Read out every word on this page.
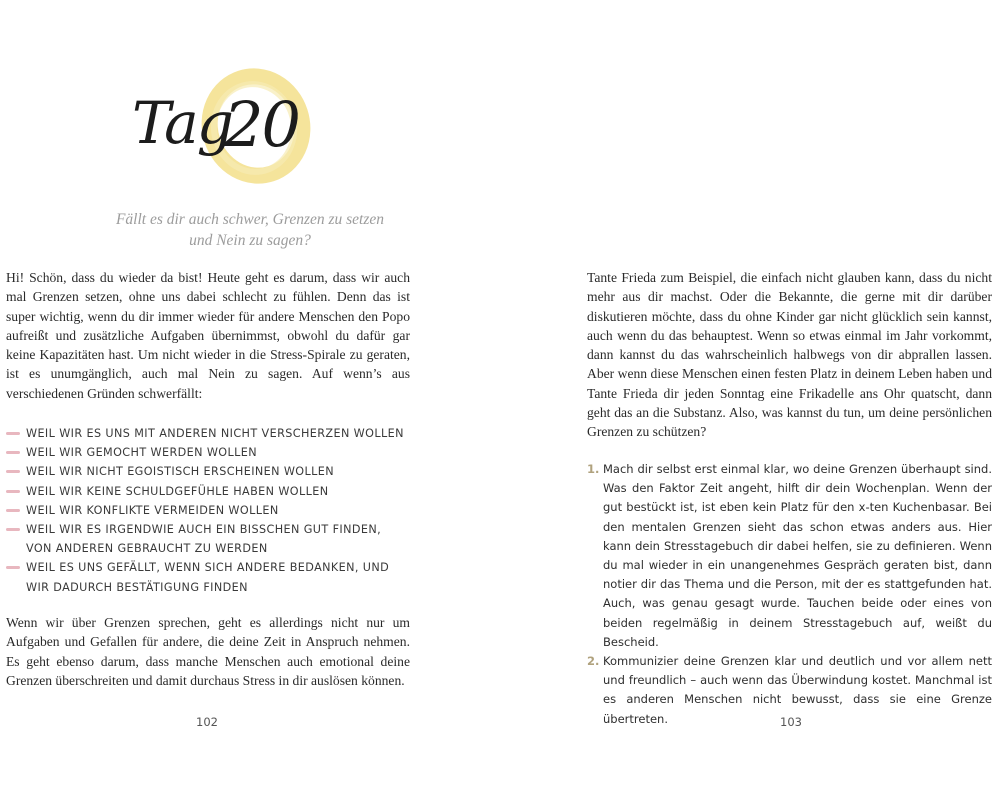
Tag
20
Fällt es dir auch schwer, Grenzen zu setzen
und Nein zu sagen?

Hi! Schön, dass du wieder da bist! Heute geht es darum, dass wir auch mal Grenzen setzen, ohne uns dabei schlecht zu fühlen. Denn das ist super wichtig, wenn du dir immer wieder für andere Menschen den Popo aufreißt und zusätzliche Aufgaben übernimmst, obwohl du dafür gar keine Kapazitäten hast. Um nicht wieder in die Stress-Spirale zu geraten, ist es unumgänglich, auch mal Nein zu sagen. Auf wenn’s aus verschiedenen Gründen schwerfällt:

WEIL WIR ES UNS MIT ANDEREN NICHT VERSCHERZEN WOLLEN
WEIL WIR GEMOCHT WERDEN WOLLEN
WEIL WIR NICHT EGOISTISCH ERSCHEINEN WOLLEN
WEIL WIR KEINE SCHULDGEFÜHLE HABEN WOLLEN
WEIL WIR KONFLIKTE VERMEIDEN WOLLEN
WEIL WIR ES IRGENDWIE AUCH EIN BISSCHEN GUT FINDEN, VON ANDEREN GEBRAUCHT ZU WERDEN
WEIL ES UNS GEFÄLLT, WENN SICH ANDERE BEDANKEN, UND WIR DADURCH BESTÄTIGUNG FINDEN

Wenn wir über Grenzen sprechen, geht es allerdings nicht nur um Aufgaben und Gefallen für andere, die deine Zeit in Anspruch nehmen. Es geht ebenso darum, dass manche Menschen auch emotional deine Grenzen überschreiten und damit durchaus Stress in dir auslösen können.

102

Tante Frieda zum Beispiel, die einfach nicht glauben kann, dass du nicht mehr aus dir machst. Oder die Bekannte, die gerne mit dir darüber diskutieren möchte, dass du ohne Kinder gar nicht glücklich sein kannst, auch wenn du das behauptest. Wenn so etwas einmal im Jahr vorkommt, dann kannst du das wahrscheinlich halbwegs von dir abprallen lassen. Aber wenn diese Menschen einen festen Platz in deinem Leben haben und Tante Frieda dir jeden Sonntag eine Frikadelle ans Ohr quatscht, dann geht das an die Substanz. Also, was kannst du tun, um deine persönlichen Grenzen zu schützen?

1. Mach dir selbst erst einmal klar, wo deine Grenzen überhaupt sind. Was den Faktor Zeit angeht, hilft dir dein Wochenplan. Wenn der gut bestückt ist, ist eben kein Platz für den x-ten Kuchenbasar. Bei den mentalen Grenzen sieht das schon etwas anders aus. Hier kann dein Stresstagebuch dir dabei helfen, sie zu definieren. Wenn du mal wieder in ein unangenehmes Gespräch geraten bist, dann notier dir das Thema und die Person, mit der es stattgefunden hat. Auch, was genau gesagt wurde. Tauchen beide oder eines von beiden regelmäßig in deinem Stresstagebuch auf, weißt du Bescheid.
2. Kommunizier deine Grenzen klar und deutlich und vor allem nett und freundlich – auch wenn das Überwindung kostet. Manchmal ist es anderen Menschen nicht bewusst, dass sie eine Grenze übertreten.	103
